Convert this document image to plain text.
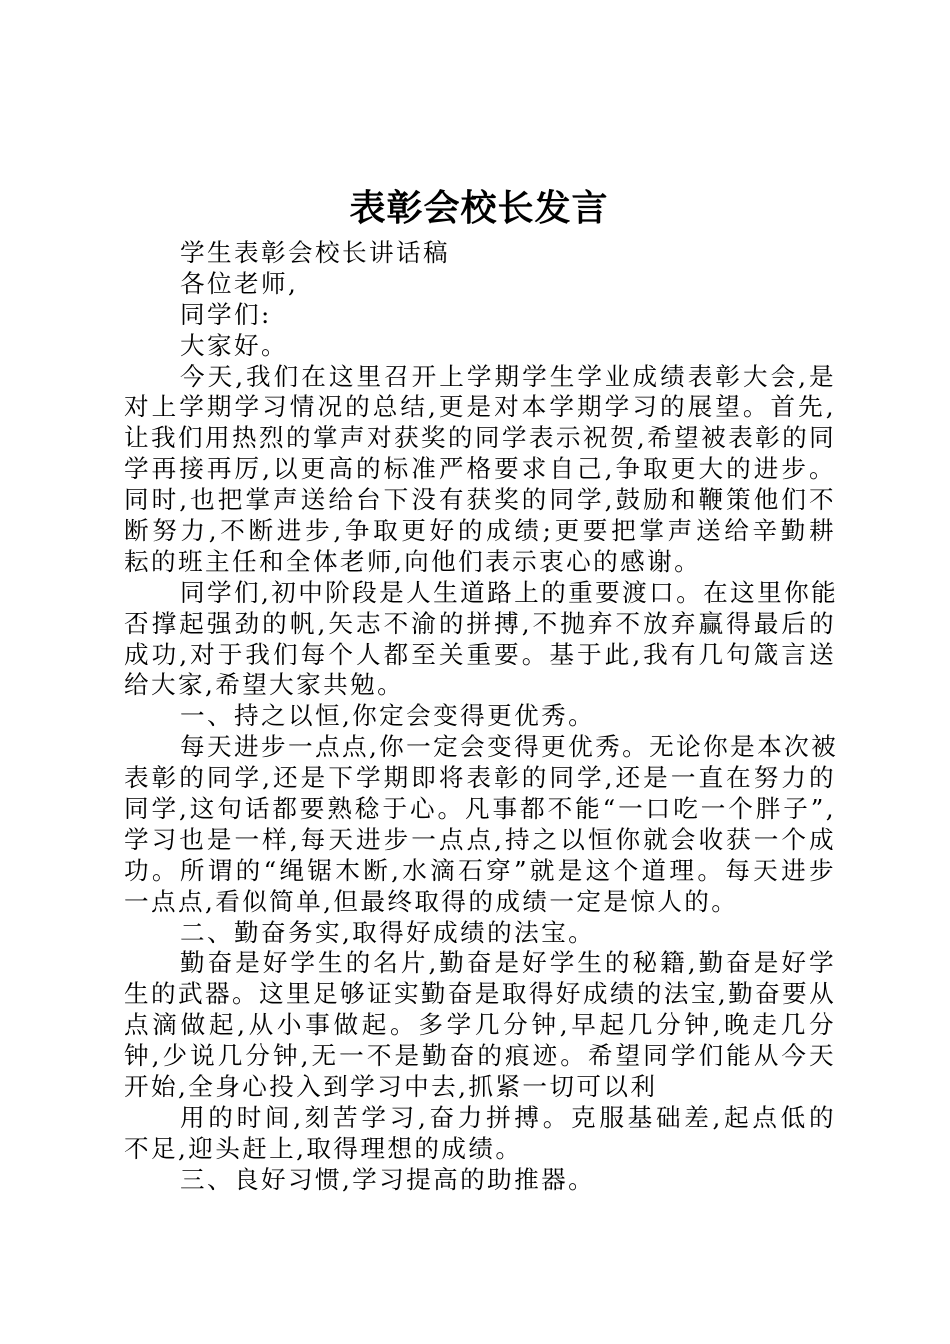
表彰会校长发言
学生表彰会校长讲话稿
各位老师,
同学们:
大家好。
今天,我们在这里召开上学期学生学业成绩表彰大会,是
对上学期学习情况的总结,更是对本学期学习的展望。首先,
让我们用热烈的掌声对获奖的同学表示祝贺,希望被表彰的同
学再接再厉,以更高的标准严格要求自己,争取更大的进步。
同时,也把掌声送给台下没有获奖的同学,鼓励和鞭策他们不
断努力,不断进步,争取更好的成绩;更要把掌声送给辛勤耕
耘的班主任和全体老师,向他们表示衷心的感谢。
同学们,初中阶段是人生道路上的重要渡口。在这里你能
否撑起强劲的帆,矢志不渝的拼搏,不抛弃不放弃赢得最后的
成功,对于我们每个人都至关重要。基于此,我有几句箴言送
给大家,希望大家共勉。
一、持之以恒,你定会变得更优秀。
每天进步一点点,你一定会变得更优秀。无论你是本次被
表彰的同学,还是下学期即将表彰的同学,还是一直在努力的
同学,这句话都要熟稔于心。凡事都不能“一口吃一个胖子”,
学习也是一样,每天进步一点点,持之以恒你就会收获一个成
功。所谓的“绳锯木断,水滴石穿”就是这个道理。每天进步
一点点,看似简单,但最终取得的成绩一定是惊人的。
二、勤奋务实,取得好成绩的法宝。
勤奋是好学生的名片,勤奋是好学生的秘籍,勤奋是好学
生的武器。这里足够证实勤奋是取得好成绩的法宝,勤奋要从
点滴做起,从小事做起。多学几分钟,早起几分钟,晚走几分
钟,少说几分钟,无一不是勤奋的痕迹。希望同学们能从今天
开始,全身心投入到学习中去,抓紧一切可以利
用的时间,刻苦学习,奋力拼搏。克服基础差,起点低的
不足,迎头赶上,取得理想的成绩。
三、良好习惯,学习提高的助推器。
